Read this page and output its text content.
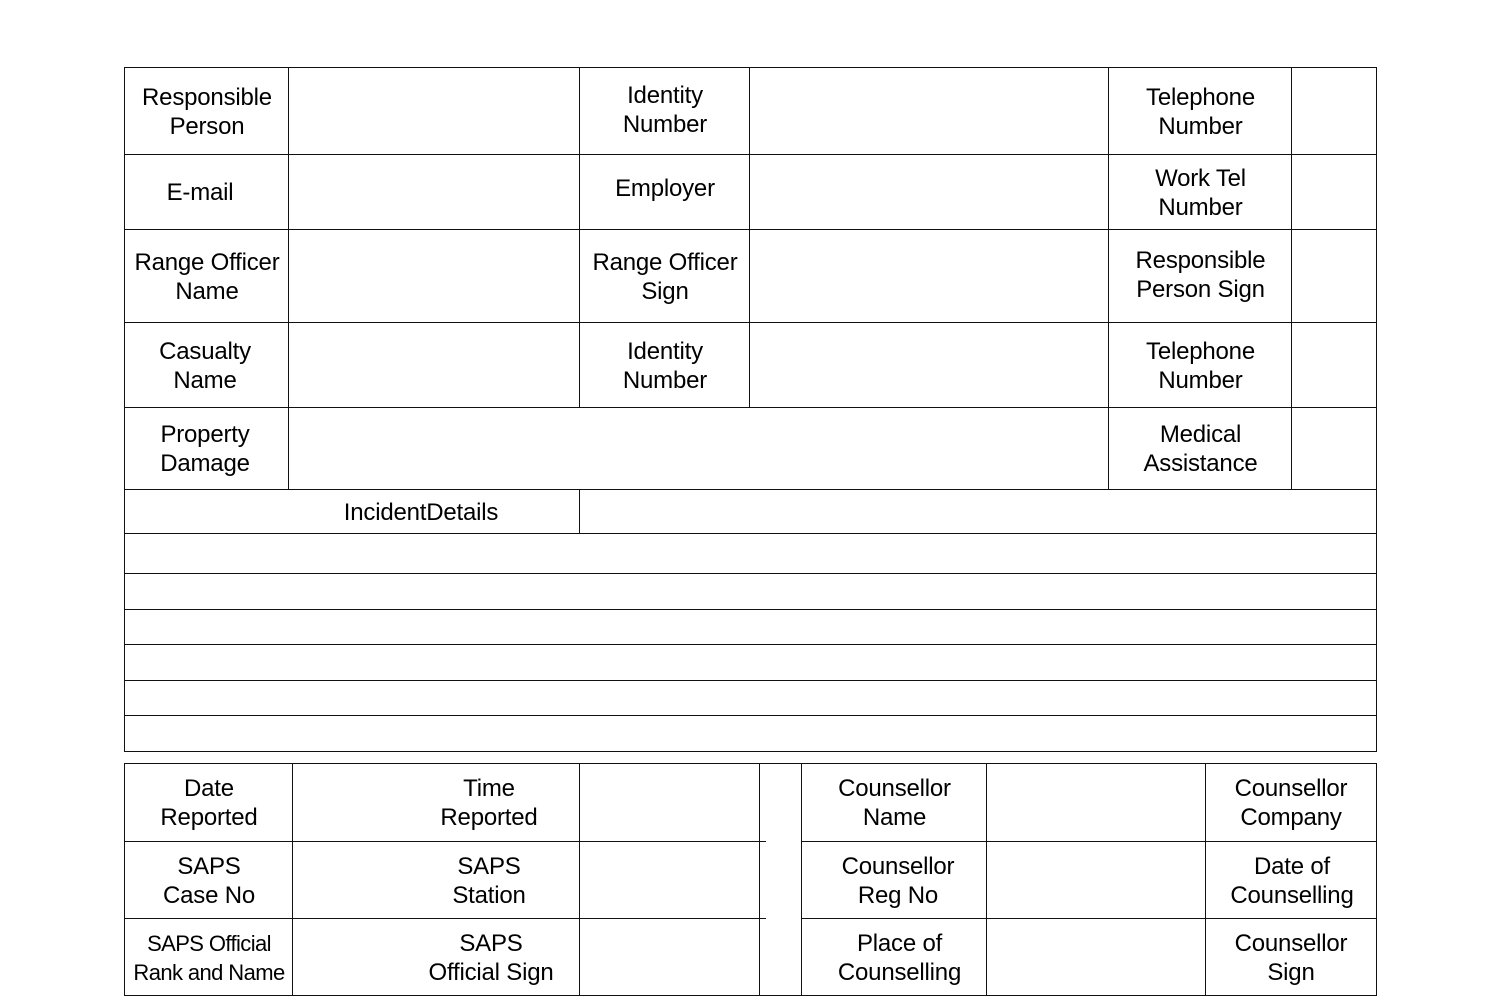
Responsible
Person
Identity
Number
Telephone
Number
E-mail	Employer	Work Tel
Number
Range Officer
Name
Range Officer
Sign
Responsible
Person Sign
Casualty
Name
Identity
Number
Telephone
Number
Property
Damage
Medical
Assistance
IncidentDetails
Date
Reported
Time
Reported
Counsellor
Name
Counsellor
Company
SAPS
Case No
SAPS
Station
Counsellor
Reg No
Date of
Counselling
SAPS Official
Rank and Name
SAPS
Official Sign
Place of
Counselling
Counsellor
Sign
